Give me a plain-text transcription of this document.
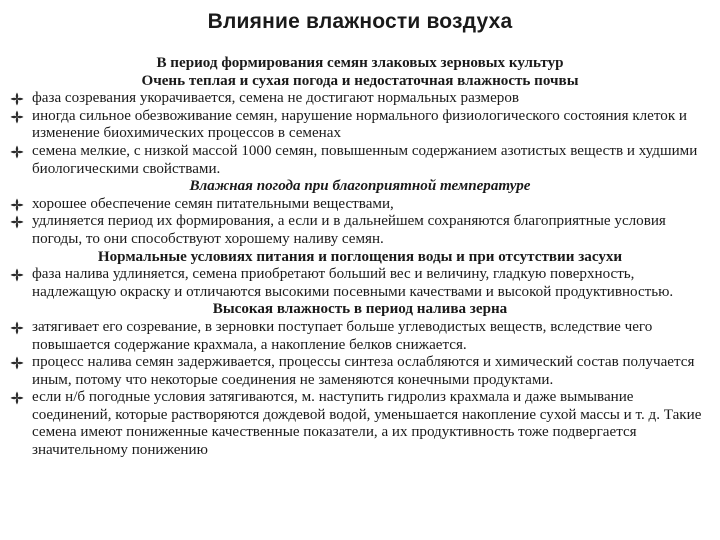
Влияние влажности воздуха

В период формирования семян злаковых зерновых культур

Очень теплая и сухая погода и недостаточная влажность почвы

фаза созревания укорачивается, семена не достигают нормальных размеров

иногда сильное обезвоживание семян, нарушение нормального физиологического состояния клеток и изменение биохимических процессов в семенах

семена мелкие, с низкой массой 1000 семян, повышенным содержанием азотистых веществ и худшими биологическими свойствами.

Влажная погода при благоприятной температуре

хорошее обеспечение семян питательными веществами,

удлиняется период их формирования, а если и в дальнейшем сохраняются благоприятные условия погоды, то они способствуют хорошему наливу семян.

Нормальные условиях питания и поглощения воды и при отсутствии засухи

фаза налива удлиняется, семена приобретают больший вес и величину, гладкую поверхность, надлежащую окраску и отличаются высокими посевными качествами и высокой продуктивностью.

Высокая влажность в период налива зерна

затягивает его созревание, в зерновки поступает больше углеводистых веществ, вследствие чего повышается содержание крахмала, а накопление белков снижается.

процесс налива семян задерживается, процессы синтеза ослабляются и химический состав получается иным, потому что некоторые соединения не заменяются конечными продуктами.

если н/б погодные условия затягиваются, м. наступить гидролиз крахмала и даже вымывание соединений, которые растворяются дождевой водой, уменьшается накопление сухой массы и т. д. Такие семена имеют пониженные качественные показатели, а их продуктивность тоже подвергается значительному понижению
